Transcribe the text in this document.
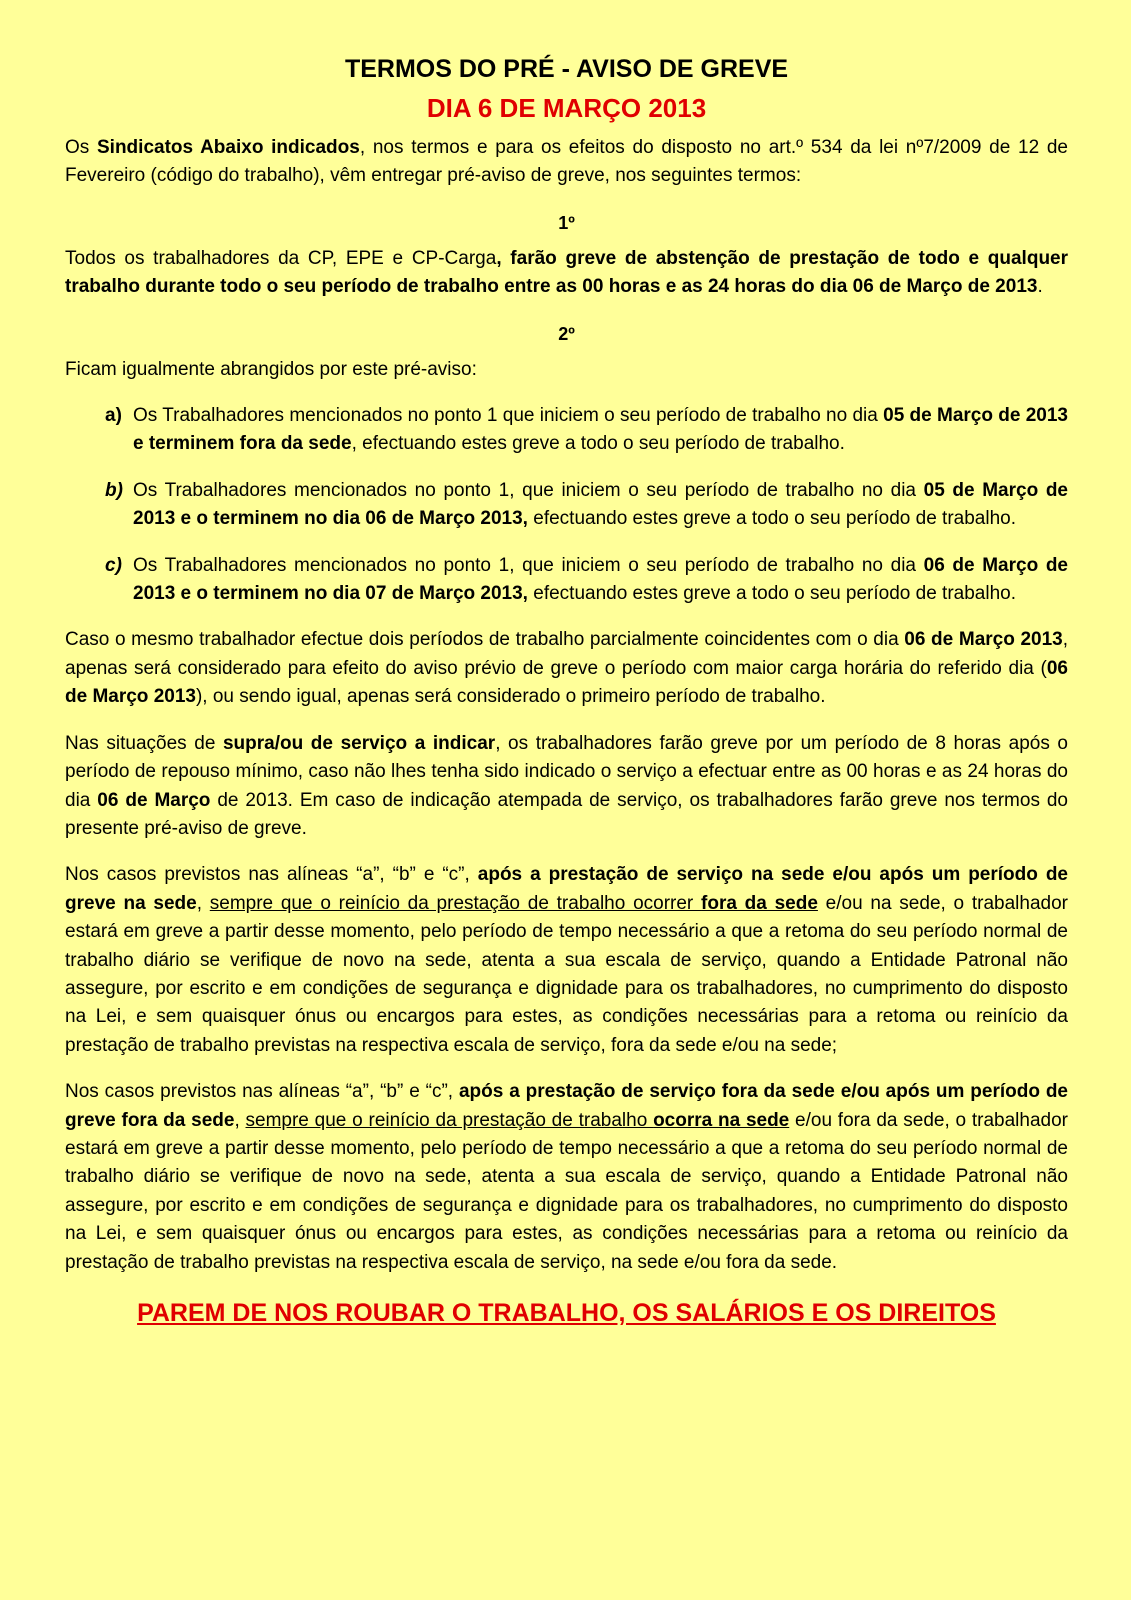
TERMOS DO PRÉ - AVISO DE GREVE
DIA 6 DE MARÇO 2013

Os Sindicatos Abaixo indicados, nos termos e para os efeitos do disposto no art.º 534 da lei nº7/2009 de 12 de Fevereiro (código do trabalho), vêm entregar pré-aviso de greve, nos seguintes termos:

1º

Todos os trabalhadores da CP, EPE e CP-Carga, farão greve de abstenção de prestação de todo e qualquer trabalho durante todo o seu período de trabalho entre as 00 horas e as 24 horas do dia 06 de Março de 2013.

2º

Ficam igualmente abrangidos por este pré-aviso:

a) Os Trabalhadores mencionados no ponto 1 que iniciem o seu período de trabalho no dia 05 de Março de 2013 e terminem fora da sede, efectuando estes greve a todo o seu período de trabalho.

b) Os Trabalhadores mencionados no ponto 1, que iniciem o seu período de trabalho no dia 05 de Março de 2013 e o terminem no dia 06 de Março 2013, efectuando estes greve a todo o seu período de trabalho.

c) Os Trabalhadores mencionados no ponto 1, que iniciem o seu período de trabalho no dia 06 de Março de 2013 e o terminem no dia 07 de Março 2013, efectuando estes greve a todo o seu período de trabalho.

Caso o mesmo trabalhador efectue dois períodos de trabalho parcialmente coincidentes com o dia 06 de Março 2013, apenas será considerado para efeito do aviso prévio de greve o período com maior carga horária do referido dia (06 de Março 2013), ou sendo igual, apenas será considerado o primeiro período de trabalho.

Nas situações de supra/ou de serviço a indicar, os trabalhadores farão greve por um período de 8 horas após o período de repouso mínimo, caso não lhes tenha sido indicado o serviço a efectuar entre as 00 horas e as 24 horas do dia 06 de Março de 2013. Em caso de indicação atempada de serviço, os trabalhadores farão greve nos termos do presente pré-aviso de greve.

Nos casos previstos nas alíneas “a”, “b” e “c”, após a prestação de serviço na sede e/ou após um período de greve na sede, sempre que o reinício da prestação de trabalho ocorrer fora da sede e/ou na sede, o trabalhador estará em greve a partir desse momento, pelo período de tempo necessário a que a retoma do seu período normal de trabalho diário se verifique de novo na sede, atenta a sua escala de serviço, quando a Entidade Patronal não assegure, por escrito e em condições de segurança e dignidade para os trabalhadores, no cumprimento do disposto na Lei, e sem quaisquer ónus ou encargos para estes, as condições necessárias para a retoma ou reinício da prestação de trabalho previstas na respectiva escala de serviço, fora da sede e/ou na sede;

Nos casos previstos nas alíneas “a”, “b” e “c”, após a prestação de serviço fora da sede e/ou após um período de greve fora da sede, sempre que o reinício da prestação de trabalho ocorra na sede e/ou fora da sede, o trabalhador estará em greve a partir desse momento, pelo período de tempo necessário a que a retoma do seu período normal de trabalho diário se verifique de novo na sede, atenta a sua escala de serviço, quando a Entidade Patronal não assegure, por escrito e em condições de segurança e dignidade para os trabalhadores, no cumprimento do disposto na Lei, e sem quaisquer ónus ou encargos para estes, as condições necessárias para a retoma ou reinício da prestação de trabalho previstas na respectiva escala de serviço, na sede e/ou fora da sede.

PAREM DE NOS ROUBAR O TRABALHO, OS SALÁRIOS E OS DIREITOS
